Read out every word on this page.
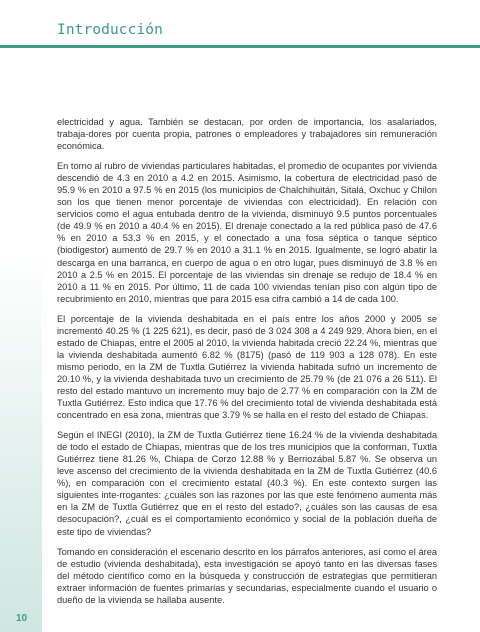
Introducción

electricidad y agua. También se destacan, por orden de importancia, los asalariados, trabaja-dores por cuenta propia, patrones o empleadores y trabajadores sin remuneración económica.

En torno al rubro de viviendas particulares habitadas, el promedio de ocupantes por vivienda descendió de 4.3 en 2010 a 4.2 en 2015. Asimismo, la cobertura de electricidad pasó de 95.9 % en 2010 a 97.5 % en 2015 (los municipios de Chalchihuitán, Sitalá, Oxchuc y Chilon son los que tienen menor porcentaje de viviendas con electricidad). En relación con servicios como el agua entubada dentro de la vivienda, disminuyó 9.5 puntos porcentuales (de 49.9 % en 2010 a 40.4 % en 2015). El drenaje conectado a la red pública pasó de 47.6 % en 2010 a 53.3 % en 2015, y el conectado a una fosa séptica o tanque séptico (biodigestor) aumentó de 29.7 % en 2010 a 31.1 % en 2015. Igualmente, se logró abatir la descarga en una barranca, en cuerpo de agua o en otro lugar, pues disminuyó de 3.8 % en 2010 a 2.5 % en 2015. El porcentaje de las viviendas sin drenaje se redujo de 18.4 % en 2010 a 11 % en 2015. Por último, 11 de cada 100 viviendas tenían piso con algún tipo de recubrimiento en 2010, mientras que para 2015 esa cifra cambió a 14 de cada 100.

El porcentaje de la vivienda deshabitada en el país entre los años 2000 y 2005 se incrementó 40.25 % (1 225 621), es decir, pasó de 3 024 308 a 4 249 929. Ahora bien, en el estado de Chiapas, entre el 2005 al 2010, la vivienda habitada creció 22.24 %, mientras que la vivienda deshabitada aumentó 6.82 % (8175) (pasó de 119 903 a 128 078). En este mismo periodo, en la ZM de Tuxtla Gutiérrez la vivienda habitada sufrió un incremento de 20.10 %, y la vivienda deshabitada tuvo un crecimiento de 25.79 % (de 21 076 a 26 511). El resto del estado mantuvo un incremento muy bajo de 2.77 % en comparación con la ZM de Tuxtla Gutiérrez. Esto indica que 17.76 % del crecimiento total de vivienda deshabitada está concentrado en esa zona, mientras que 3.79 % se halla en el resto del estado de Chiapas.

Según el INEGI (2010), la ZM de Tuxtla Gutiérrez tiene 16.24 % de la vivienda deshabitada de todo el estado de Chiapas, mientras que de los tres municipios que la conforman, Tuxtla Gutiérrez tiene 81.26 %, Chiapa de Corzo 12.88 % y Berriozábal 5.87 %. Se observa un leve ascenso del crecimiento de la vivienda deshabitada en la ZM de Tuxtla Gutiérrez (40.6 %), en comparación con el crecimiento estatal (40.3 %). En este contexto surgen las siguientes inte-rrogantes: ¿cuáles son las razones por las que este fenómeno aumenta más en la ZM de Tuxtla Gutiérrez que en el resto del estado?, ¿cuáles son las causas de esa desocupación?, ¿cuál es el comportamiento económico y social de la población dueña de este tipo de viviendas?

Tomando en consideración el escenario descrito en los párrafos anteriores, así como el área de estudio (vivienda deshabitada), esta investigación se apoyó tanto en las diversas fases del método científico como en la búsqueda y construcción de estrategias que permitieran extraer información de fuentes primarias y secundarias, especialmente cuando el usuario o dueño de la vivienda se hallaba ausente.

10
